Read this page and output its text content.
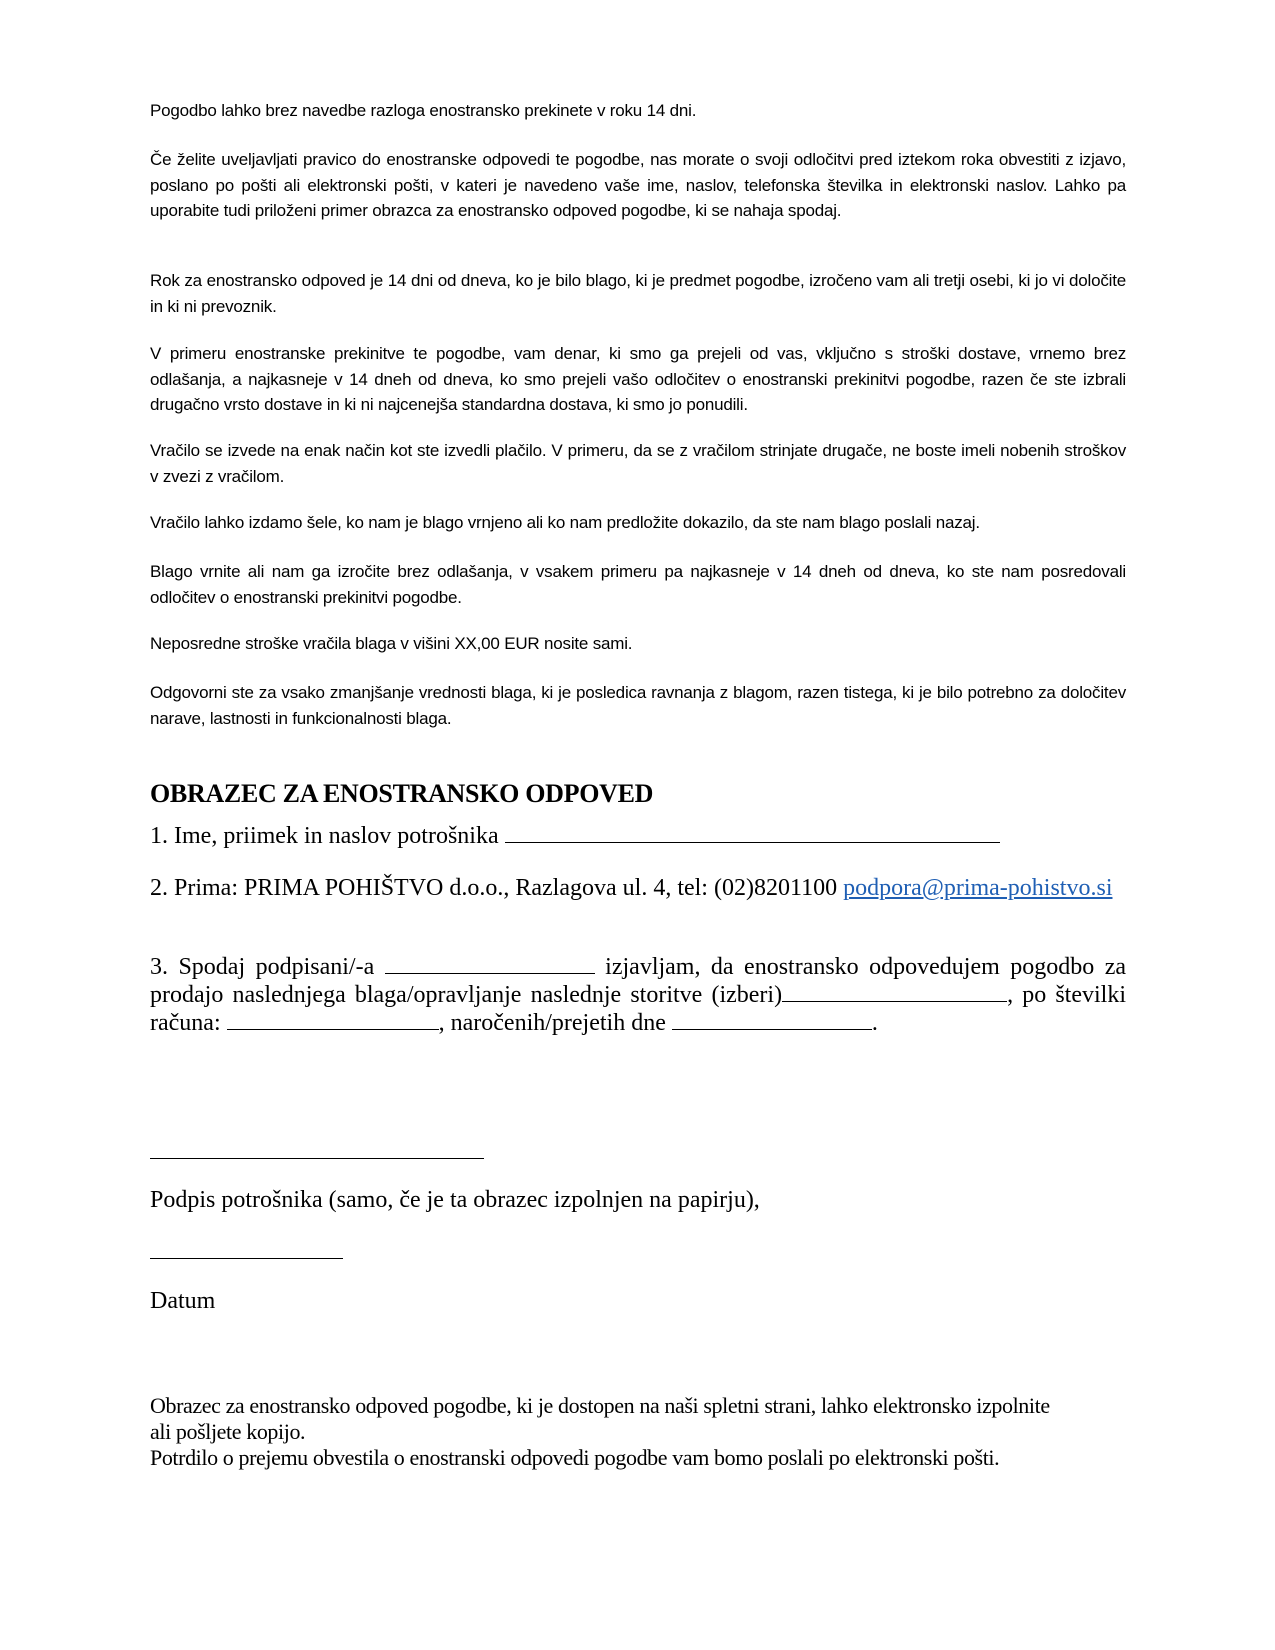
Pogodbo lahko brez navedbe razloga enostransko prekinete v roku 14 dni.

Če želite uveljavljati pravico do enostranske odpovedi te pogodbe, nas morate o svoji odločitvi pred iztekom roka obvestiti z izjavo, poslano po pošti ali elektronski pošti, v kateri je navedeno vaše ime, naslov, telefonska številka in elektronski naslov. Lahko pa uporabite tudi priloženi primer obrazca za enostransko odpoved pogodbe, ki se nahaja spodaj.

Rok za enostransko odpoved je 14 dni od dneva, ko je bilo blago, ki je predmet pogodbe, izročeno vam ali tretji osebi, ki jo vi določite in ki ni prevoznik.

V primeru enostranske prekinitve te pogodbe, vam denar, ki smo ga prejeli od vas, vključno s stroški dostave, vrnemo brez odlašanja, a najkasneje v 14 dneh od dneva, ko smo prejeli vašo odločitev o enostranski prekinitvi pogodbe, razen če ste izbrali drugačno vrsto dostave in ki ni najcenejša standardna dostava, ki smo jo ponudili.

Vračilo se izvede na enak način kot ste izvedli plačilo. V primeru, da se z vračilom strinjate drugače, ne boste imeli nobenih stroškov v zvezi z vračilom.

Vračilo lahko izdamo šele, ko nam je blago vrnjeno ali ko nam predložite dokazilo, da ste nam blago poslali nazaj.

Blago vrnite ali nam ga izročite brez odlašanja, v vsakem primeru pa najkasneje v 14 dneh od dneva, ko ste nam posredovali odločitev o enostranski prekinitvi pogodbe.

Neposredne stroške vračila blaga v višini XX,00 EUR nosite sami.

Odgovorni ste za vsako zmanjšanje vrednosti blaga, ki je posledica ravnanja z blagom, razen tistega, ki je bilo potrebno za določitev narave, lastnosti in funkcionalnosti blaga.

OBRAZEC ZA ENOSTRANSKO ODPOVED
1. Ime, priimek in naslov potrošnika
2. Prima: PRIMA POHIŠTVO d.o.o., Razlagova ul. 4, tel: (02)8201100 podpora@prima-pohistvo.si
3. Spodaj podpisani/-a	izjavljam, da enostransko odpovedujem pogodbo za prodajo naslednjega blaga/opravljanje naslednje storitve (izberi)	, po številki računa:	, naročenih/prejetih dne	.
Podpis potrošnika (samo, če je ta obrazec izpolnjen na papirju),
Datum
Obrazec za enostransko odpoved pogodbe, ki je dostopen na naši spletni strani, lahko elektronsko izpolnite ali pošljete kopijo.
Potrdilo o prejemu obvestila o enostranski odpovedi pogodbe vam bomo poslali po elektronski pošti.
